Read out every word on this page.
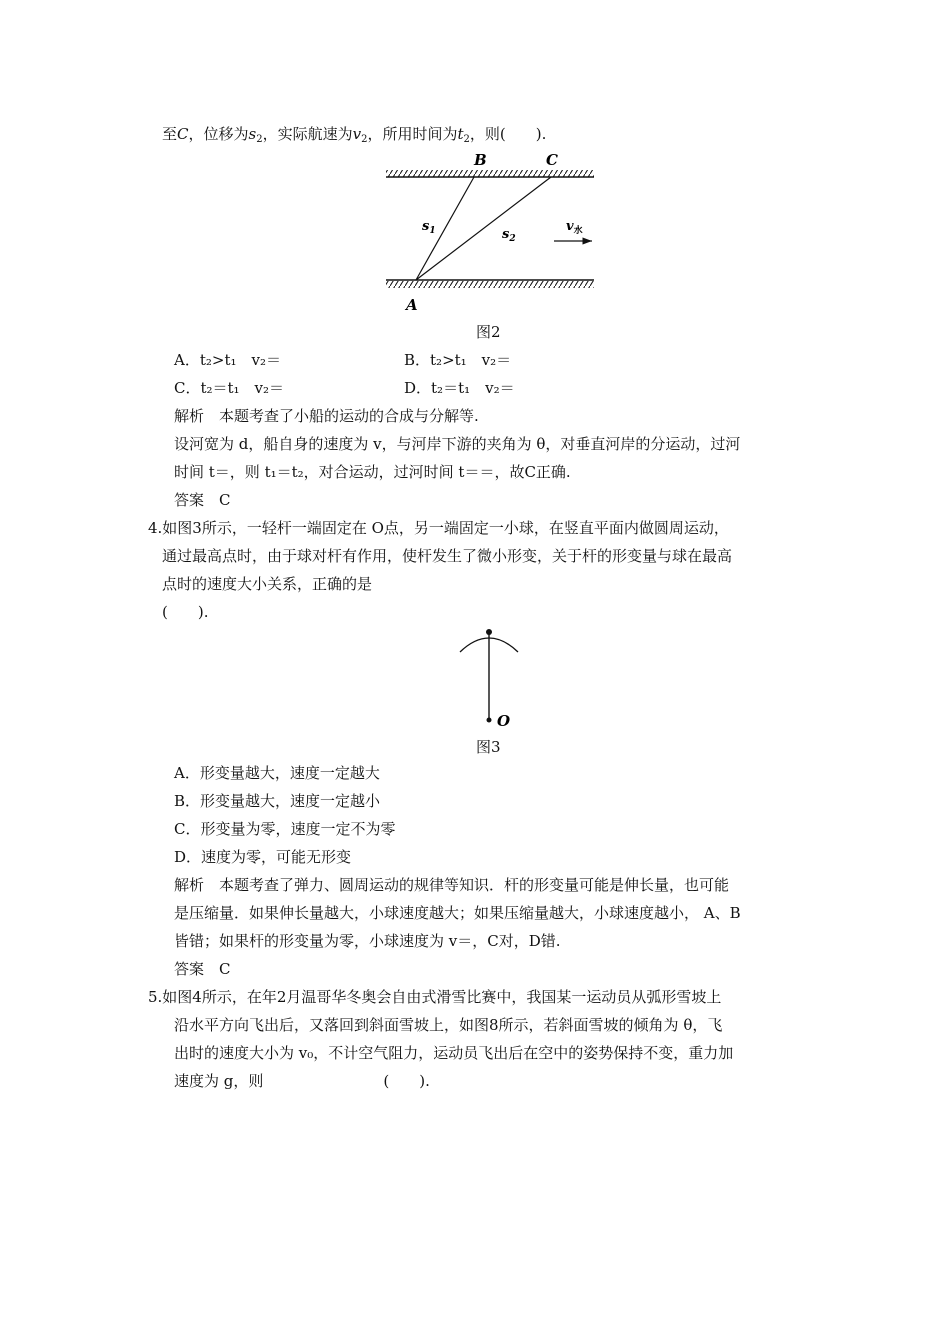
至C，位移为$s_2$，实际航速为$v_2$，所用时间为$t_2$，则(　　).
B	C
A
$s_1$	$s_2$
$v_水$
图2
A．t₂>t₁　v₂＝	B．t₂>t₁　v₂＝
C．t₂＝t₁　v₂＝	D．t₂＝t₁　v₂＝
解析　本题考查了小船的运动的合成与分解等.
设河宽为 d，船自身的速度为 v，与河岸下游的夹角为 θ，对垂直河岸的分运动，过河
时间 t＝，则 t₁＝t₂，对合运动，过河时间 t＝＝，故C正确.
答案　C
4.如图3所示，一轻杆一端固定在 O点，另一端固定一小球，在竖直平面内做圆周运动，
通过最高点时，由于球对杆有作用，使杆发生了微小形变，关于杆的形变量与球在最高
点时的速度大小关系，正确的是
(　　).
O
图3
A．形变量越大，速度一定越大
B．形变量越大，速度一定越小
C．形变量为零，速度一定不为零
D．速度为零，可能无形变
解析　本题考查了弹力、圆周运动的规律等知识．杆的形变量可能是伸长量，也可能
是压缩量．如果伸长量越大，小球速度越大；如果压缩量越大，小球速度越小， A、B
皆错；如果杆的形变量为零，小球速度为 v＝，C对，D错.
答案　C
5.如图4所示，在年2月温哥华冬奥会自由式滑雪比赛中，我国某一运动员从弧形雪坡上
沿水平方向飞出后，又落回到斜面雪坡上，如图8所示，若斜面雪坡的倾角为 θ，飞
出时的速度大小为 v₀，不计空气阻力，运动员飞出后在空中的姿势保持不变，重力加
速度为 g，则　　　　　　　　(　　).
